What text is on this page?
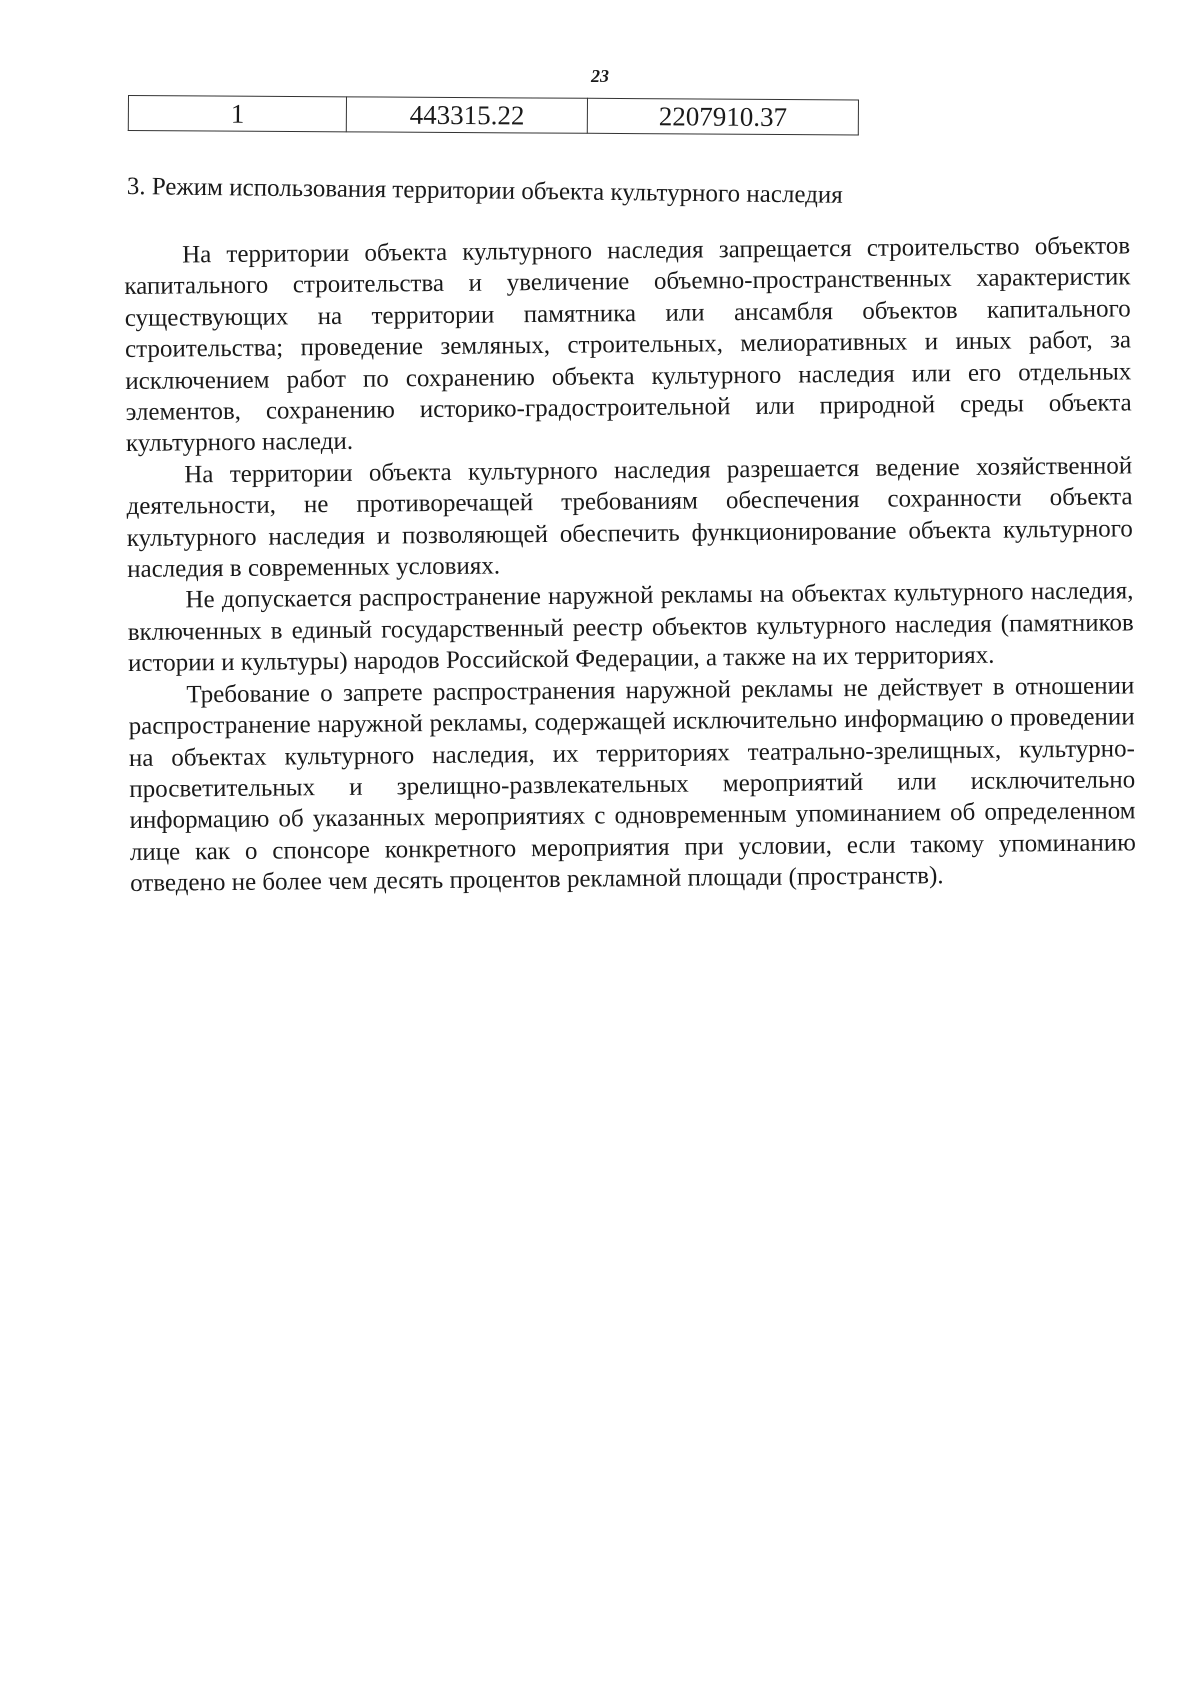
23
1	443315.22	2207910.37
3. Режим использования территории объекта культурного наследия

На территории объекта культурного наследия запрещается строительство объектов капитального строительства и увеличение объемно-пространственных характеристик существующих на территории памятника или ансамбля объектов капитального строительства; проведение земляных, строительных, мелиоративных и иных работ, за исключением работ по сохранению объекта культурного наследия или его отдельных элементов, сохранению историко-градостроительной или природной среды объекта культурного наследи.

На территории объекта культурного наследия разрешается ведение хозяйственной деятельности, не противоречащей требованиям обеспечения сохранности объекта культурного наследия и позволяющей обеспечить функционирование объекта культурного наследия в современных условиях.

Не допускается распространение наружной рекламы на объектах культурного наследия, включенных в единый государственный реестр объектов культурного наследия (памятников истории и культуры) народов Российской Федерации, а также на их территориях.

Требование о запрете распространения наружной рекламы не действует в отношении распространение наружной рекламы, содержащей исключительно информацию о проведении на объектах культурного наследия, их территориях театрально-зрелищных, культурно-просветительных и зрелищно-развлекательных мероприятий или исключительно информацию об указанных мероприятиях с одновременным упоминанием об определенном лице как о спонсоре конкретного мероприятия при условии, если такому упоминанию отведено не более чем десять процентов рекламной площади (пространств).
